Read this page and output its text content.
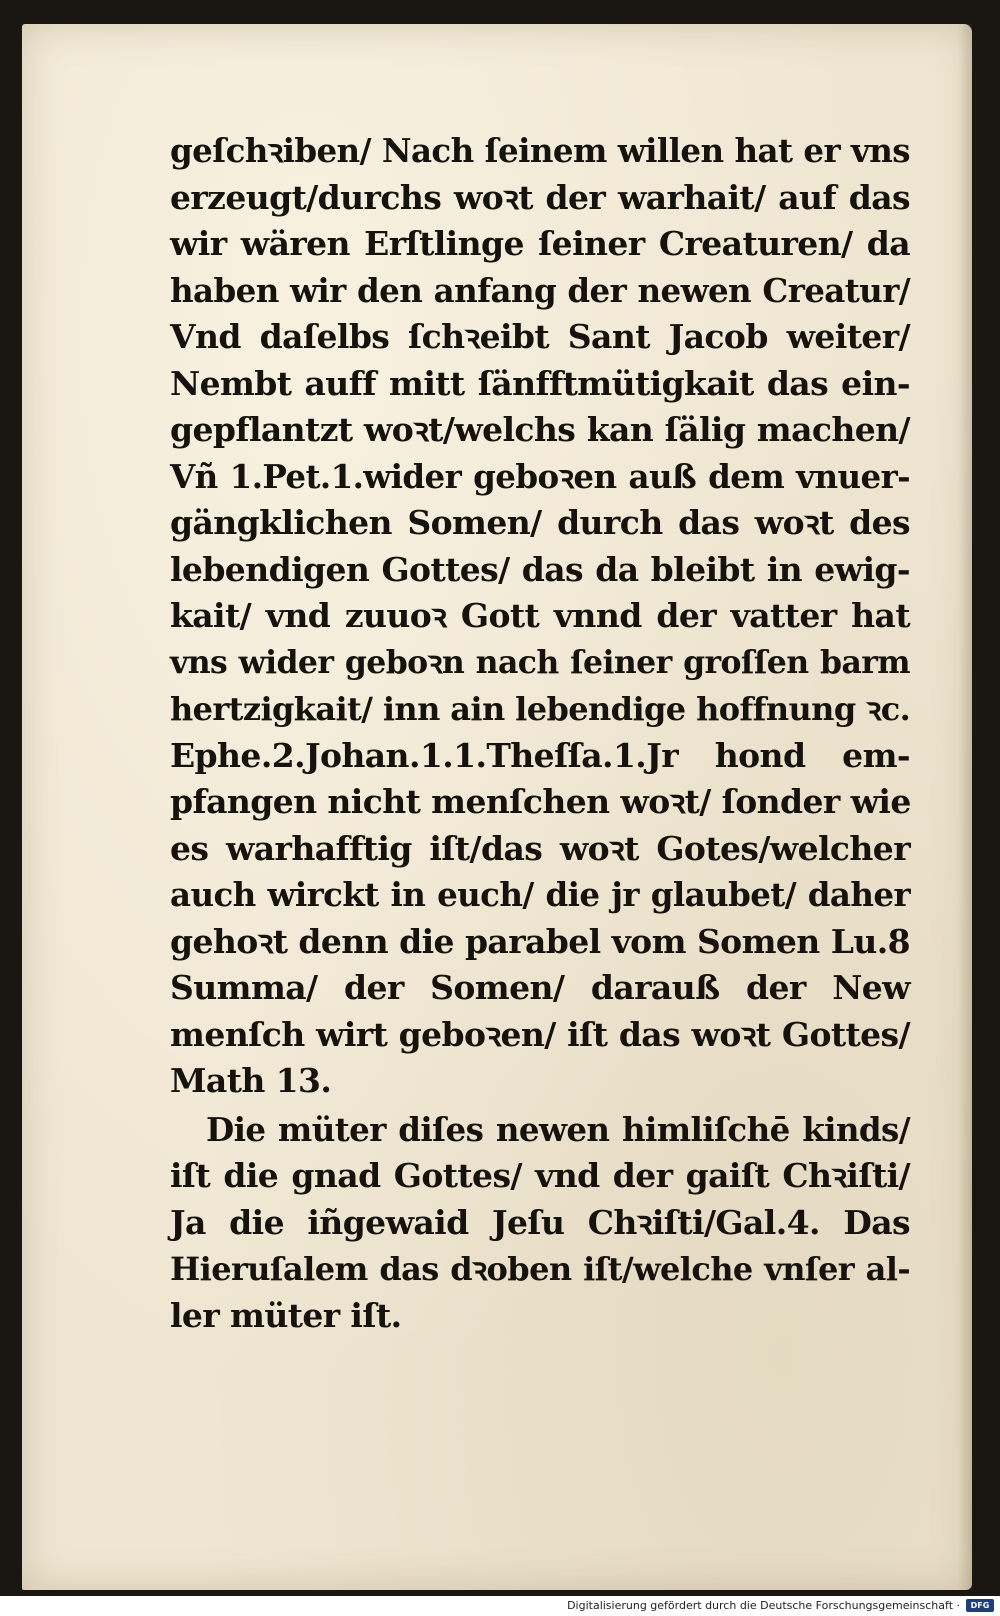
geſchꝛiben/ Nach ſeinem willen hat er vns
erzeugt/durchs woꝛt der warhait/ auf das
wir wären Erſtlinge ſeiner Creaturen/ da
haben wir den anfang der newen Creatur/
Vnd daſelbs ſchꝛeibt Sant Jacob weiter/
Nembt auff mitt ſänfftmütigkait das ein-
gepflantzt woꝛt/welchs kan ſälig machen/
Vñ 1.Pet.1.wider geboꝛen auß dem vnuer-
gängklichen Somen/ durch das woꝛt des
lebendigen Gottes/ das da bleibt in ewig-
kait/ vnd zuuoꝛ Gott vnnd der vatter hat
vns wider geboꝛn nach ſeiner groſſen barm
hertzigkait/ inn ain lebendige hoffnung ꝛc.
Ephe.2.Johan.1.1.Theſſa.1.Jr hond em-
pfangen nicht menſchen woꝛt/ ſonder wie
es warhafftig iſt/das woꝛt Gotes/welcher
auch wirckt in euch/ die jr glaubet/ daher
gehoꝛt denn die parabel vom Somen Lu.8
Summa/ der Somen/ darauß der New
menſch wirt geboꝛen/ iſt das woꝛt Gottes/
Math 13.
Die müter diſes newen himliſchē kinds/
iſt die gnad Gottes/ vnd der gaiſt Chꝛiſti/
Ja die iñgewaid Jeſu Chꝛiſti/Gal.4. Das
Hieruſalem das dꝛoben iſt/welche vnſer al-
ler müter iſt.
Digitalisierung gefördert durch die Deutsche Forschungsgemeinschaft ·	DFG
